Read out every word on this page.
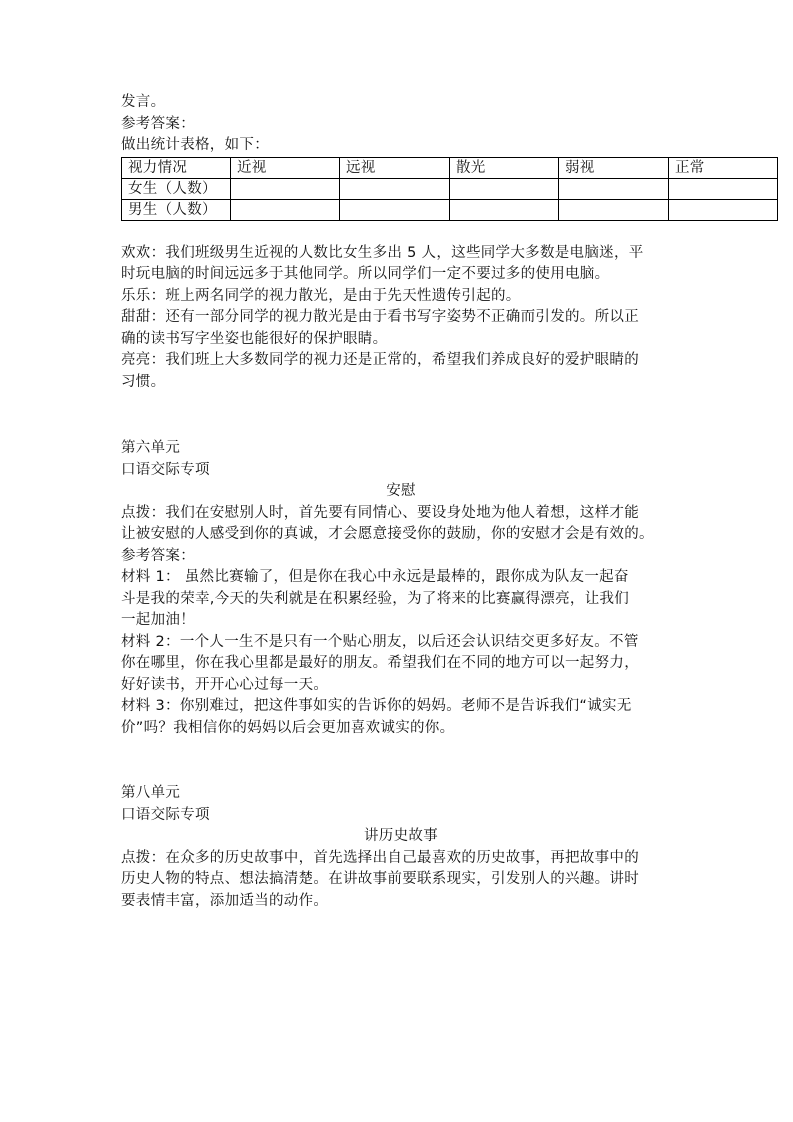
发言。
参考答案：
做出统计表格，如下：
视力情况	近视	远视	散光	弱视	正常
女生（人数）					
男生（人数）					
欢欢：我们班级男生近视的人数比女生多出 5 人，这些同学大多数是电脑迷，平
时玩电脑的时间远远多于其他同学。所以同学们一定不要过多的使用电脑。
乐乐：班上两名同学的视力散光，是由于先天性遗传引起的。
甜甜：还有一部分同学的视力散光是由于看书写字姿势不正确而引发的。所以正
确的读书写字坐姿也能很好的保护眼睛。
亮亮：我们班上大多数同学的视力还是正常的，希望我们养成良好的爱护眼睛的
习惯。
第六单元
口语交际专项
安慰
点拨：我们在安慰别人时，首先要有同情心、要设身处地为他人着想，这样才能
让被安慰的人感受到你的真诚，才会愿意接受你的鼓励，你的安慰才会是有效的。
参考答案：
材料 1： 虽然比赛输了，但是你在我心中永远是最棒的，跟你成为队友一起奋
斗是我的荣幸,今天的失利就是在积累经验，为了将来的比赛赢得漂亮，让我们
一起加油！
材料 2：一个人一生不是只有一个贴心朋友，以后还会认识结交更多好友。不管
你在哪里，你在我心里都是最好的朋友。希望我们在不同的地方可以一起努力，
好好读书，开开心心过每一天。
材料 3：你别难过，把这件事如实的告诉你的妈妈。老师不是告诉我们“诚实无
价”吗？我相信你的妈妈以后会更加喜欢诚实的你。
第八单元
口语交际专项
讲历史故事
点拨：在众多的历史故事中，首先选择出自己最喜欢的历史故事，再把故事中的
历史人物的特点、想法搞清楚。在讲故事前要联系现实，引发别人的兴趣。讲时
要表情丰富，添加适当的动作。
